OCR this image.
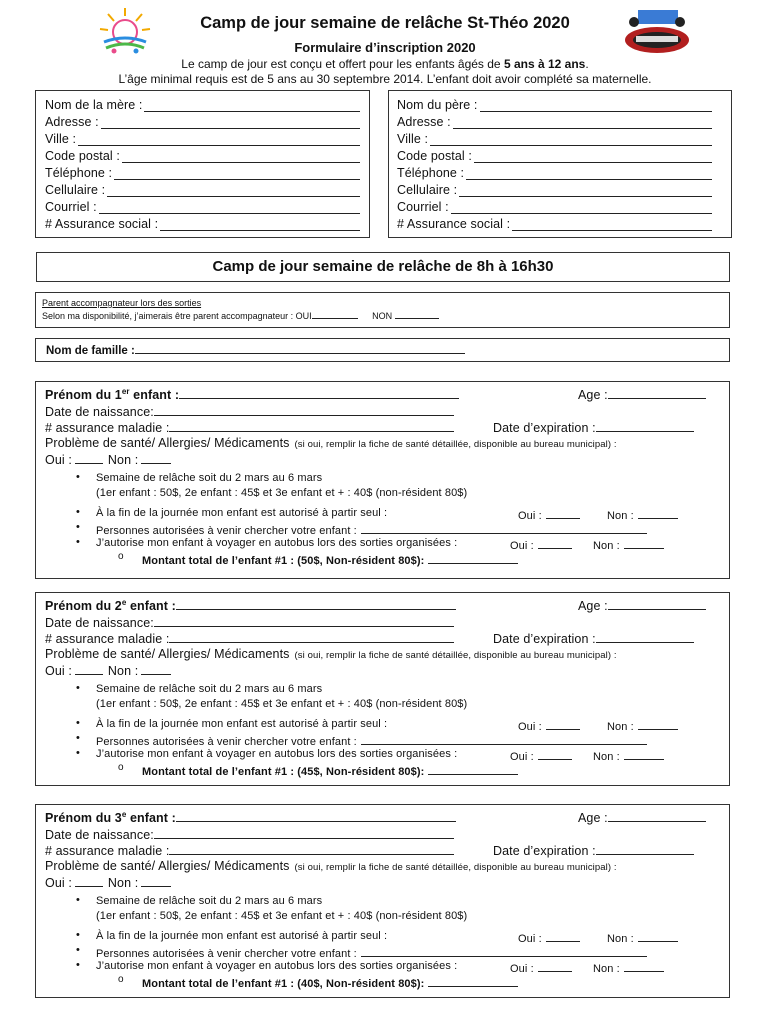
Camp de jour semaine de relâche St-Théo 2020
Formulaire d’inscription 2020
Le camp de jour est conçu et offert pour les enfants âgés de 5 ans à 12 ans.
L’âge minimal requis est de 5 ans au 30 septembre 2014. L’enfant doit avoir complété sa maternelle.
Nom de la mère :
Adresse :
Ville :
Code postal :
Téléphone :
Cellulaire :
Courriel :
# Assurance social :
Nom du père :
Adresse :
Ville :
Code postal :
Téléphone :
Cellulaire :
Courriel :
# Assurance social :
Camp de jour semaine de relâche de 8h à 16h30
Parent accompagnateur lors des sorties
Selon ma disponibilité, j’aimerais être parent accompagnateur : OUI	NON
Nom de famille :
Prénom du 1er enfant :	Age :
Date de naissance:
# assurance maladie :	Date d’expiration :
Problème de santé/ Allergies/ Médicaments (si oui, remplir la fiche de santé détaillée, disponible au bureau municipal) :
Oui :	Non :
• Semaine de relâche soit du 2 mars au 6 mars
(1er enfant : 50$, 2e enfant : 45$ et 3e enfant et + : 40$ (non-résident 80$)
• À la fin de la journée mon enfant est autorisé à partir seul :	Oui :	Non :
• Personnes autorisées à venir chercher votre enfant :
• J’autorise mon enfant à voyager en autobus lors des sorties organisées :	Oui :	Non :
o Montant total de l’enfant #1 : (50$, Non-résident 80$):
Prénom du 2e enfant :	Age :
Date de naissance:
# assurance maladie :	Date d’expiration :
Problème de santé/ Allergies/ Médicaments (si oui, remplir la fiche de santé détaillée, disponible au bureau municipal) :
Oui :	Non :
• Semaine de relâche soit du 2 mars au 6 mars
(1er enfant : 50$, 2e enfant : 45$ et 3e enfant et + : 40$ (non-résident 80$)
• À la fin de la journée mon enfant est autorisé à partir seul :	Oui :	Non :
• Personnes autorisées à venir chercher votre enfant :
• J’autorise mon enfant à voyager en autobus lors des sorties organisées :	Oui :	Non :
o Montant total de l’enfant #1 : (45$, Non-résident 80$):
Prénom du 3e enfant :	Age :
Date de naissance:
# assurance maladie :	Date d’expiration :
Problème de santé/ Allergies/ Médicaments (si oui, remplir la fiche de santé détaillée, disponible au bureau municipal) :
Oui :	Non :
• Semaine de relâche soit du 2 mars au 6 mars
(1er enfant : 50$, 2e enfant : 45$ et 3e enfant et + : 40$ (non-résident 80$)
• À la fin de la journée mon enfant est autorisé à partir seul :	Oui :	Non :
• Personnes autorisées à venir chercher votre enfant :
• J’autorise mon enfant à voyager en autobus lors des sorties organisées :	Oui :	Non :
o Montant total de l’enfant #1 : (40$, Non-résident 80$):
